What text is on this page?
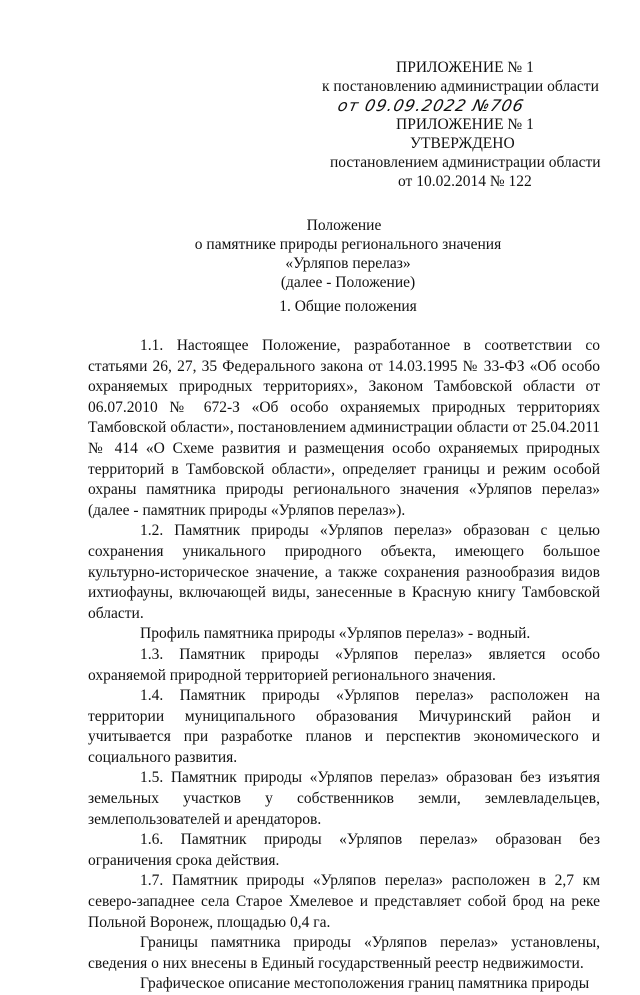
ПРИЛОЖЕНИЕ № 1
к постановлению администрации области
от 09.09.2022 №706
ПРИЛОЖЕНИЕ № 1
УТВЕРЖДЕНО
постановлением администрации области
от 10.02.2014 № 122
Положение
о памятнике природы регионального значения
«Урляпов перелаз»
(далее - Положение)
1. Общие положения
1.1. Настоящее Положение, разработанное в соответствии со статьями 26, 27, 35 Федерального закона от 14.03.1995 № 33-ФЗ «Об особо охраняемых природных территориях», Законом Тамбовской области от 06.07.2010 № 672-З «Об особо охраняемых природных территориях Тамбовской области», постановлением администрации области от 25.04.2011 № 414 «О Схеме развития и размещения особо охраняемых природных территорий в Тамбовской области», определяет границы и режим особой охраны памятника природы регионального значения «Урляпов перелаз» (далее - памятник природы «Урляпов перелаз»).
1.2. Памятник природы «Урляпов перелаз» образован с целью сохранения уникального природного объекта, имеющего большое культурно-историческое значение, а также сохранения разнообразия видов ихтиофауны, включающей виды, занесенные в Красную книгу Тамбовской области.
Профиль памятника природы «Урляпов перелаз» - водный.
1.3. Памятник природы «Урляпов перелаз» является особо охраняемой природной территорией регионального значения.
1.4. Памятник природы «Урляпов перелаз» расположен на территории муниципального образования Мичуринский район и учитывается при разработке планов и перспектив экономического и социального развития.
1.5. Памятник природы «Урляпов перелаз» образован без изъятия земельных участков у собственников земли, землевладельцев, землепользователей и арендаторов.
1.6. Памятник природы «Урляпов перелаз» образован без ограничения срока действия.
1.7. Памятник природы «Урляпов перелаз» расположен в 2,7 км северо-западнее села Старое Хмелевое и представляет собой брод на реке Польной Воронеж, площадью 0,4 га.
Границы памятника природы «Урляпов перелаз» установлены, сведения о них внесены в Единый государственный реестр недвижимости.
Графическое описание местоположения границ памятника природы
